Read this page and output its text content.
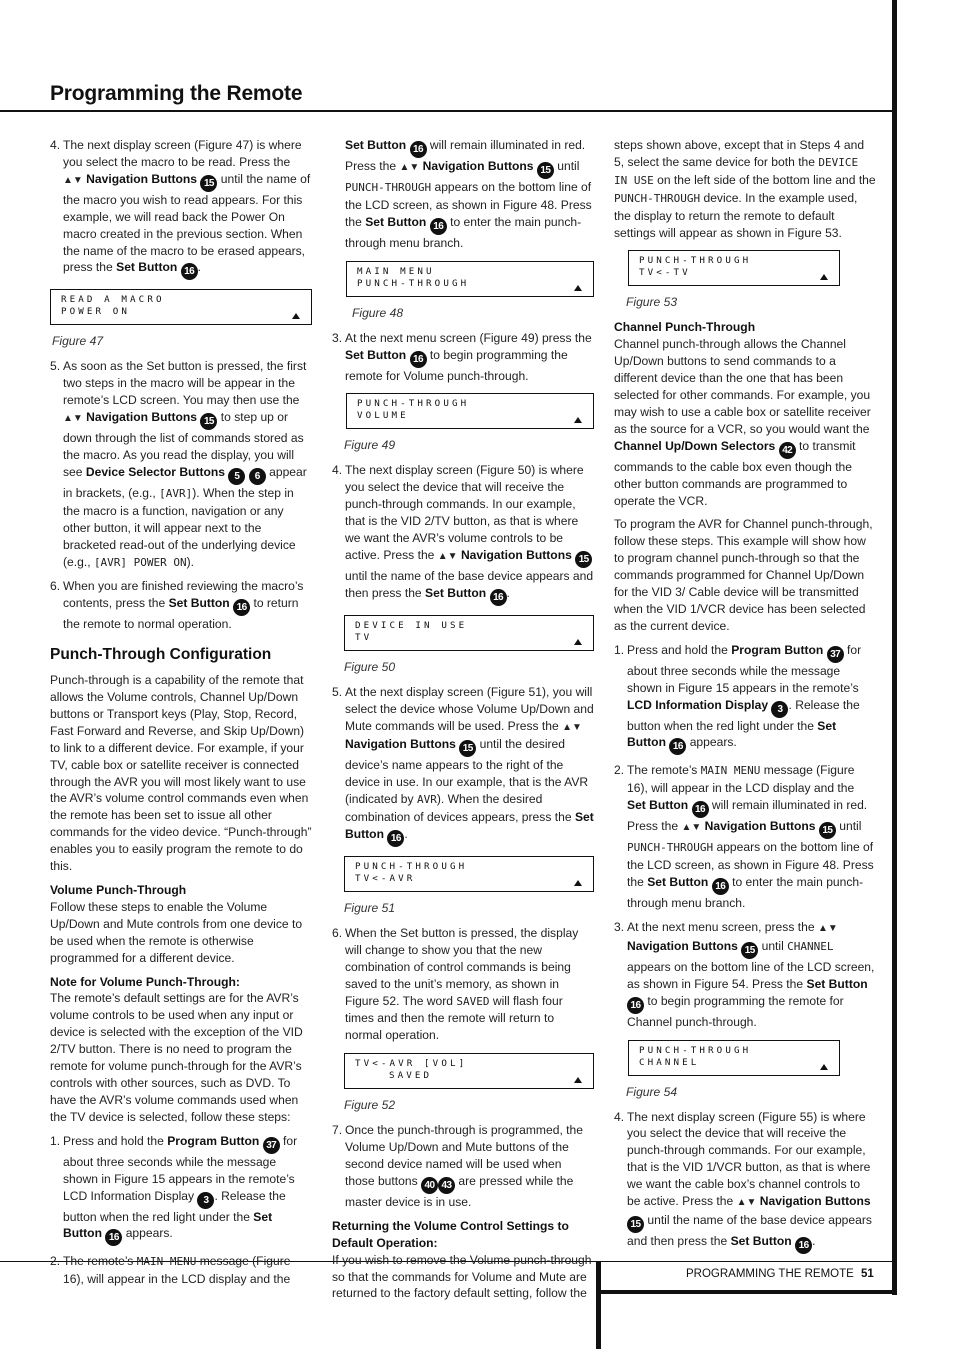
Programming the Remote
4. The next display screen (Figure 47) is where you select the macro to be read. Press the ▲▼ Navigation Buttons 15 until the name of the macro you wish to read appears. For this example, we will read back the Power On macro created in the previous section. When the name of the macro to be erased appears, press the Set Button 16 .
READ A MACRO
POWER ON
Figure 47
5. As soon as the Set button is pressed, the first two steps in the macro will be appear in the remote’s LCD screen. You may then use the ▲▼ Navigation Buttons 15 to step up or down through the list of commands stored as the macro. As you read the display, you will see Device Selector Buttons 5 6 appear in brackets, (e.g., [AVR]). When the step in the macro is a function, navigation or any other button, it will appear next to the bracketed read-out of the underlying device (e.g., [AVR] POWER ON).
6. When you are finished reviewing the macro’s contents, press the Set Button 16 to return the remote to normal operation.
Punch-Through Configuration
Punch-through is a capability of the remote that allows the Volume controls, Channel Up/Down buttons or Transport keys (Play, Stop, Record, Fast Forward and Reverse, and Skip Up/Down) to link to a different device. For example, if your TV, cable box or satellite receiver is connected through the AVR you will most likely want to use the AVR’s volume control commands even when the remote has been set to issue all other commands for the video device. “Punch-through” enables you to easily program the remote to do this.
Volume Punch-Through
Follow these steps to enable the Volume Up/Down and Mute controls from one device to be used when the remote is otherwise programmed for a different device.
Note for Volume Punch-Through:
The remote’s default settings are for the AVR’s volume controls to be used when any input or device is selected with the exception of the VID 2/TV button. There is no need to program the remote for volume punch-through for the AVR’s controls with other sources, such as DVD. To have the AVR’s volume commands used when the TV device is selected, follow these steps:
1. Press and hold the Program Button 37 for about three seconds while the message shown in Figure 15 appears in the remote’s LCD Information Display 3 . Release the button when the red light under the Set Button 16 appears.
2. The remote’s MAIN MENU message (Figure 16), will appear in the LCD display and the
Set Button 16 will remain illuminated in red. Press the ▲▼ Navigation Buttons 15 until PUNCH-THROUGH appears on the bottom line of the LCD screen, as shown in Figure 48. Press the Set Button 16 to enter the main punch-through menu branch.
MAIN MENU
PUNCH-THROUGH
Figure 48
3. At the next menu screen (Figure 49) press the Set Button 16 to begin programming the remote for Volume punch-through.
PUNCH-THROUGH
VOLUME
Figure 49
4. The next display screen (Figure 50) is where you select the device that will receive the punch-through commands. In our example, that is the VID 2/TV button, as that is where we want the AVR’s volume controls to be active. Press the ▲▼ Navigation Buttons 15 until the name of the base device appears and then press the Set Button 16 .
DEVICE IN USE
TV
Figure 50
5. At the next display screen (Figure 51), you will select the device whose Volume Up/Down and Mute commands will be used. Press the ▲▼ Navigation Buttons 15 until the desired device’s name appears to the right of the device in use. In our example, that is the AVR (indicated by AVR). When the desired combination of devices appears, press the Set Button 16 .
PUNCH-THROUGH
TV<-AVR
Figure 51
6. When the Set button is pressed, the display will change to show you that the new combination of control commands is being saved to the unit’s memory, as shown in Figure 52. The word SAVED will flash four times and then the remote will return to normal operation.
TV<-AVR [VOL]
SAVED
Figure 52
7. Once the punch-through is programmed, the Volume Up/Down and Mute buttons of the second device named will be used when those buttons 40 43 are pressed while the master device is in use.
Returning the Volume Control Settings to Default Operation:
If you wish to remove the Volume punch-through so that the commands for Volume and Mute are returned to the factory default setting, follow the
steps shown above, except that in Steps 4 and 5, select the same device for both the DEVICE IN USE on the left side of the bottom line and the PUNCH-THROUGH device. In the example used, the display to return the remote to default settings will appear as shown in Figure 53.
PUNCH-THROUGH
TV<-TV
Figure 53
Channel Punch-Through
Channel punch-through allows the Channel Up/Down buttons to send commands to a different device than the one that has been selected for other commands. For example, you may wish to use a cable box or satellite receiver as the source for a VCR, so you would want the Channel Up/Down Selectors 42 to transmit commands to the cable box even though the other button commands are programmed to operate the VCR.
To program the AVR for Channel punch-through, follow these steps. This example will show how to program channel punch-through so that the commands programmed for Channel Up/Down for the VID 3/ Cable device will be transmitted when the VID 1/VCR device has been selected as the current device.
1. Press and hold the Program Button 37 for about three seconds while the message shown in Figure 15 appears in the remote’s LCD Information Display 3 . Release the button when the red light under the Set Button 16 appears.
2. The remote’s MAIN MENU message (Figure 16), will appear in the LCD display and the Set Button 16 will remain illuminated in red. Press the ▲▼ Navigation Buttons 15 until PUNCH-THROUGH appears on the bottom line of the LCD screen, as shown in Figure 48. Press the Set Button 16 to enter the main punch-through menu branch.
3. At the next menu screen, press the ▲▼ Navigation Buttons 15 until CHANNEL appears on the bottom line of the LCD screen, as shown in Figure 54. Press the Set Button 16 to begin programming the remote for Channel punch-through.
PUNCH-THROUGH
CHANNEL
Figure 54
4. The next display screen (Figure 55) is where you select the device that will receive the punch-through commands. For our example, that is the VID 1/VCR button, as that is where we want the cable box’s channel controls to be active. Press the ▲▼ Navigation Buttons 15 until the name of the base device appears and then press the Set Button 16 .
PROGRAMMING THE REMOTE 51
